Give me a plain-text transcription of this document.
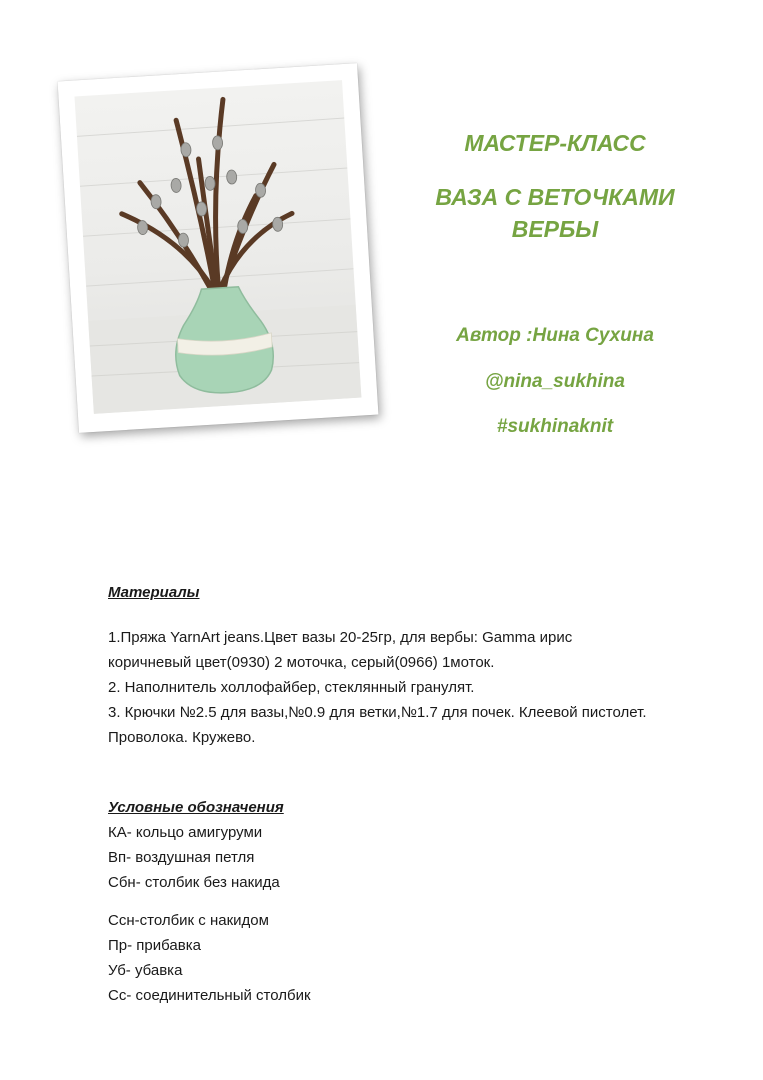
МАСТЕР-КЛАСС
ВАЗА С ВЕТОЧКАМИ
ВЕРБЫ
Автор :Нина Сухина
@nina_sukhina
#sukhinaknit
Материалы

1.Пряжа YarnArt jeans.Цвет вазы 20-25гр, для вербы: Gamma ирис

коричневый цвет(0930) 2 моточка, серый(0966) 1моток.

2. Наполнитель холлофайбер, стеклянный гранулят.

3. Крючки №2.5 для вазы,№0.9 для ветки,№1.7 для почек. Клеевой пистолет.

Проволока. Кружево.

Условные обозначения

КА- кольцо амигуруми

Вп- воздушная петля

Сбн- столбик без накида

Ссн-столбик с накидом

Пр- прибавка

Уб- убавка

Сс- соединительный столбик
